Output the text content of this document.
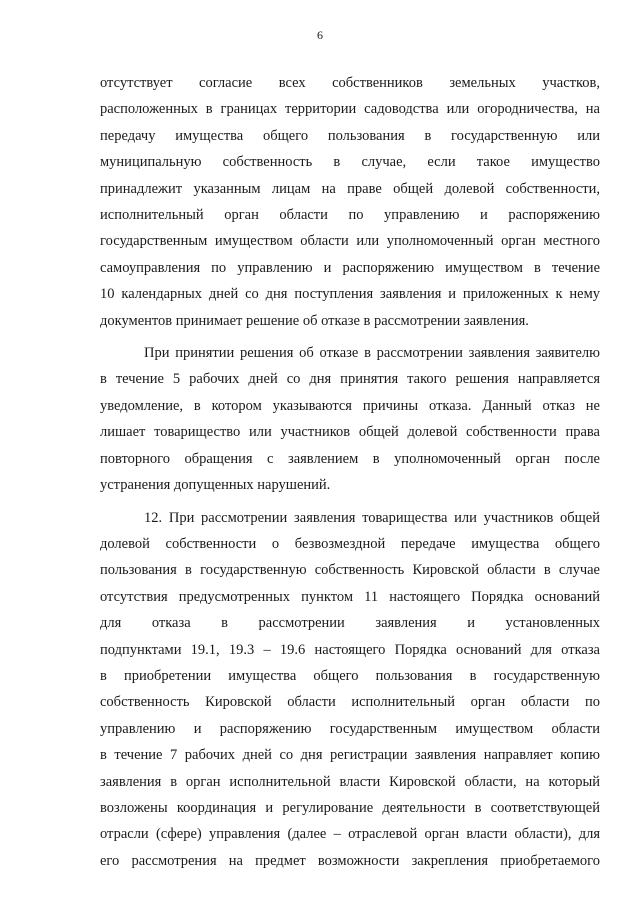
6

отсутствует согласие всех собственников земельных участков,
расположенных в границах территории садоводства или огородничества, на
передачу имущества общего пользования в государственную или
муниципальную собственность в случае, если такое имущество
принадлежит указанным лицам на праве общей долевой собственности,
исполнительный орган области по управлению и распоряжению
государственным имуществом области или уполномоченный орган местного
самоуправления по управлению и распоряжению имуществом в течение
10 календарных дней со дня поступления заявления и приложенных к нему
документов принимает решение об отказе в рассмотрении заявления.

При принятии решения об отказе в рассмотрении заявления заявителю
в течение 5 рабочих дней со дня принятия такого решения направляется
уведомление, в котором указываются причины отказа. Данный отказ не
лишает товарищество или участников общей долевой собственности права
повторного обращения с заявлением в уполномоченный орган после
устранения допущенных нарушений.

12. При рассмотрении заявления товарищества или участников общей
долевой собственности о безвозмездной передаче имущества общего
пользования в государственную собственность Кировской области в случае
отсутствия предусмотренных пунктом 11 настоящего Порядка оснований
для отказа в рассмотрении заявления и установленных
подпунктами 19.1, 19.3 – 19.6 настоящего Порядка оснований для отказа
в приобретении имущества общего пользования в государственную
собственность Кировской области исполнительный орган области по
управлению и распоряжению государственным имуществом области
в течение 7 рабочих дней со дня регистрации заявления направляет копию
заявления в орган исполнительной власти Кировской области, на который
возложены координация и регулирование деятельности в соответствующей
отрасли (сфере) управления (далее – отраслевой орган власти области), для
его рассмотрения на предмет возможности закрепления приобретаемого
